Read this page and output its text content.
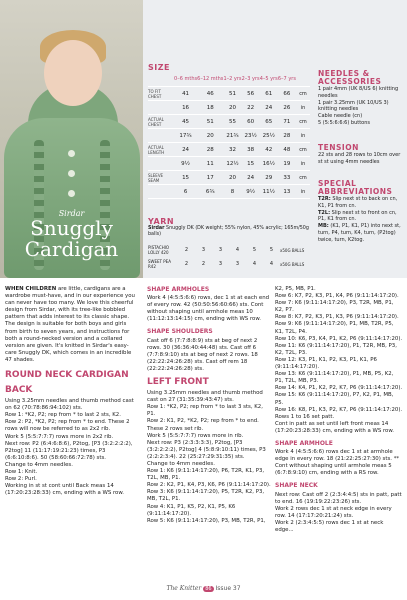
Sirdar
Snuggly
Cardigan
SIZE
	0–6 mths	6–12 mths	1–2 yrs	2–3 yrs	4–5 yrs	6–7 yrs	
TO FIT CHEST	41	46	51	56	61	66	cm
	16	18	20	22	24	26	in
ACTUAL CHEST	45	51	55	60	65	71	cm
	17¾	20	21¾	23½	25½	28	in
ACTUAL LENGTH	24	28	32	38	42	48	cm
	9½	11	12½	15	16½	19	in
SLEEVE SEAM	15	17	20	24	29	33	cm
	6	6¾	8	9½	11½	13	in
YARN
Sirdar Snuggly DK (DK weight; 55% nylon, 45% acrylic; 165m/50g balls)
PISTACHIO LOLLY 420	2	3	3	4	5	5	x50G BALLS
SWEET PEA R42	2	2	3	3	4	4	x50G BALLS
NEEDLES & ACCESSORIES
1 pair 4mm (UK 8/US 6) knitting needles
1 pair 3.25mm (UK 10/US 3) knitting needles
Cable needle (cn)
5 (5:5:6:6:6) buttons
TENSION
22 sts and 28 rows to 10cm over st st using 4mm needles
SPECIAL ABBREVIATIONS
T2R: Slip next st to back on cn, K1, P1 from cn.
T2L: Slip next st to front on cn, P1, K1 from cn.
MB: (K1, P1, K1, P1) into next st, turn, P4, turn, K4, turn, (P2tog) twice, turn, K2tog.

WHEN CHILDREN are little, cardigans are a wardrobe must-have, and in our experience you can never have too many. We love this cheerful design from Sirdar, with its tree-like bobbled pattern that adds interest to its classic shape. The design is suitable for both boys and girls from birth to seven years, and instructions for both a round-necked version and a collared version are given. It's knitted in Sirdar's easy-care Snuggly DK, which comes in an incredible 47 shades.

ROUND NECK CARDIGAN
BACK
Using 3.25mm needles and thumb method cast on 62 (70:78:86:94:102) sts.
Row 1: *K2, P2; rep from * to last 2 sts, K2.
Row 2: P2, *K2, P2; rep from * to end. These 2 rows will now be referred to as 2x2 rib.
Work 5 (5:5:7:7:7) rows more in 2x2 rib.
Next row: P2 (6:4:6:8:6), P2tog, [P3 (3:2:2:2:2), P2tog] 11 (11:17:19:21:23) times, P3 (6:6:10:8:6). 50 (58:60:66:72:78) sts.
Change to 4mm needles.
Row 1: Knit.
Row 2: Purl.
Working in st st cont until Back meas 14 (17:20:23:28:33) cm, ending with a WS row.
SHAPE ARMHOLES
Work 4 (4:5:5:6:6) rows, dec 1 st at each end of every row. 42 (50:50:56:60:66) sts. Cont without shaping until armhole meas 10 (11:12:13:14:15) cm, ending with WS row.
SHAPE SHOULDERS
Cast off 6 (7:7:8:8:9) sts at beg of next 2 rows. 30 (36:36:40:44:48) sts. Cast off 6 (7:7:8:9:10) sts at beg of next 2 rows. 18 (22:22:24:26:28) sts. Cast off rem 18 (22:22:24:26:28) sts.
LEFT FRONT
Using 3.25mm needles and thumb method cast on 27 (31:35:39:43:47) sts.
Row 1: *K2, P2; rep from * to last 3 sts, K2, P1.
Row 2: K1, P2, *K2, P2; rep from * to end. These 2 rows set rib.
Work 5 (5:5:7:7:7) rows more in rib.
Next row: P3 (2:3:3:3:3), P2tog, [P3 (3:2:2:2:2), P2tog] 4 (5:8:9:10:11) times, P3 (2:2:2:3:4). 22 (25:27:29:31:35) sts.
Change to 4mm needles.
Row 1: K6 (9:11:14:17:20), P6, T2R, K1, P3, T2L, MB, P1.
Row 2: K2, P1, K4, P3, K6, P6 (9:11:14:17:20).
Row 3: K6 (9:11:14:17:20), P5, T2R, K2, P3, MB, T2L, P1.
Row 4: K1, P1, K5, P2, K1, P5, K6 (9:11:14:17:20).
Row 5: K6 (9:11:14:17:20), P3, MB, T2R, P1,
K2, P5, MB, P1.
Row 6: K7, P2, K3, P1, K4, P6 (9:11:14:17:20).
Row 7: K6 (9:11:14:17:20), P3, T2R, MB, P1, K2, P7.
Row 8: K7, P2, K3, P1, K3, P6 (9:11:14:17:20).
Row 9: K6 (9:11:14:17:20), P1, MB, T2R, P5, K1, T2L, P4.
Row 10: K6, P3, K4, P1, K2, P6 (9:11:14:17:20).
Row 11: K6 (9:11:14:17:20), P1, T2R, MB, P3, K2, T2L, P3.
Row 12: K3, P1, K1, P2, K3, P1, K1, P6 (9:11:14:17:20).
Row 13: K6 (9:11:14:17:20), P1, MB, P5, K2, P1, T2L, MB, P3.
Row 14: K4, P1, K2, P2, K7, P6 (9:11:14:17:20).
Row 15: K6 (9:11:14:17:20), P7, K2, P1, MB, P5.
Row 16: K8, P1, K3, P2, K7, P6 (9:11:14:17:20).
Rows 1 to 16 set patt.
Cont in patt as set until left front meas 14 (17:20:23:28:33) cm, ending with a WS row.
SHAPE ARMHOLE
Work 4 (4:5:5:6:6) rows dec 1 st at armhole edge in every row. 18 (21:22:25:27:30) sts. ** Cont without shaping until armhole meas 5 (6:7:8:9:10) cm, ending with a RS row.
SHAPE NECK
Next row: Cast off 2 (2:3:4:4:5) sts in patt, patt to end. 16 (19:19:22:23:26) sts.
Work 2 rows dec 1 st at neck edge in every row. 14 (17:17:20:21:24) sts.
Work 2 (2:3:4:5:5) rows dec 1 st at neck edge...
The Knitter 86 Issue 37
